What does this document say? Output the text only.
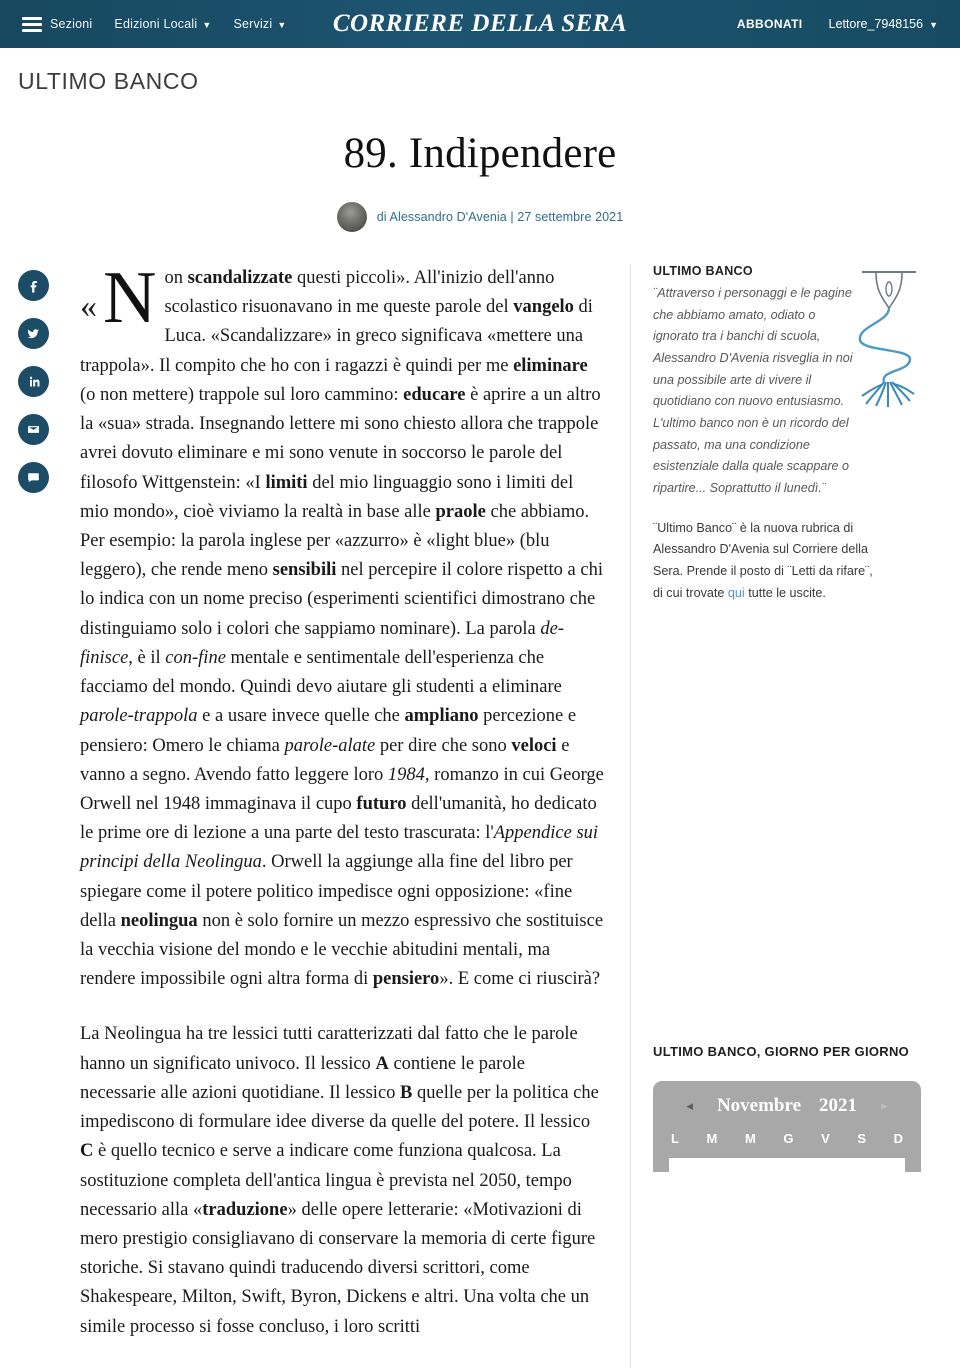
Sezioni Edizioni Locali ▼ Servizi ▼ CORRIERE DELLA SERA	ABBONATI Lettore_7948156 ▼
ULTIMO BANCO
89. Indipendere
di Alessandro D'Avenia | 27 settembre 2021

« N on scandalizzate questi piccoli». All'inizio dell'anno scolastico risuonavano in me queste parole del vangelo di Luca. «Scandalizzare» in greco significava «mettere una trappola». Il compito che ho con i ragazzi è quindi per me eliminare (o non mettere) trappole sul loro cammino: educare è aprire a un altro la «sua» strada. Insegnando lettere mi sono chiesto allora che trappole avrei dovuto eliminare e mi sono venute in soccorso le parole del filosofo Wittgenstein: «I limiti del mio linguaggio sono i limiti del mio mondo», cioè viviamo la realtà in base alle praole che abbiamo. Per esempio: la parola inglese per «azzurro» è «light blue» (blu leggero), che rende meno sensibili nel percepire il colore rispetto a chi lo indica con un nome preciso (esperimenti scientifici dimostrano che distinguiamo solo i colori che sappiamo nominare). La parola de-finisce, è il con-fine mentale e sentimentale dell'esperienza che facciamo del mondo. Quindi devo aiutare gli studenti a eliminare parole-trappola e a usare invece quelle che ampliano percezione e pensiero: Omero le chiama parole-alate per dire che sono veloci e vanno a segno. Avendo fatto leggere loro 1984, romanzo in cui George Orwell nel 1948 immaginava il cupo futuro dell'umanità, ho dedicato le prime ore di lezione a una parte del testo trascurata: l'Appendice sui principi della Neolingua. Orwell la aggiunge alla fine del libro per spiegare come il potere politico impedisce ogni opposizione: «fine della neolingua non è solo fornire un mezzo espressivo che sostituisce la vecchia visione del mondo e le vecchie abitudini mentali, ma rendere impossibile ogni altra forma di pensiero». E come ci riuscirà?

La Neolingua ha tre lessici tutti caratterizzati dal fatto che le parole hanno un significato univoco. Il lessico A contiene le parole necessarie alle azioni quotidiane. Il lessico B quelle per la politica che impediscono di formulare idee diverse da quelle del potere. Il lessico C è quello tecnico e serve a indicare come funziona qualcosa. La sostituzione completa dell'antica lingua è prevista nel 2050, tempo necessario alla «traduzione» delle opere letterarie: «Motivazioni di mero prestigio consigliavano di conservare la memoria di certe figure storiche. Si stavano quindi traducendo diversi scrittori, come Shakespeare, Milton, Swift, Byron, Dickens e altri. Una volta che un simile processo si fosse concluso, i loro scritti

ULTIMO BANCO
¨Attraverso i personaggi e le pagine che abbiamo amato, odiato o ignorato tra i banchi di scuola, Alessandro D'Avenia risveglia in noi una possibile arte di vivere il quotidiano con nuovo entusiasmo. L'ultimo banco non è un ricordo del passato, ma una condizione esistenziale dalla quale scappare o ripartire... Soprattutto il lunedì.¨
¨Ultimo Banco¨ è la nuova rubrica di Alessandro D'Avenia sul Corriere della Sera. Prende il posto di ¨Letti da rifare¨, di cui trovate qui tutte le uscite.
ULTIMO BANCO, GIORNO PER GIORNO
◂	Novembre 2021	▸
L M M G V S D
